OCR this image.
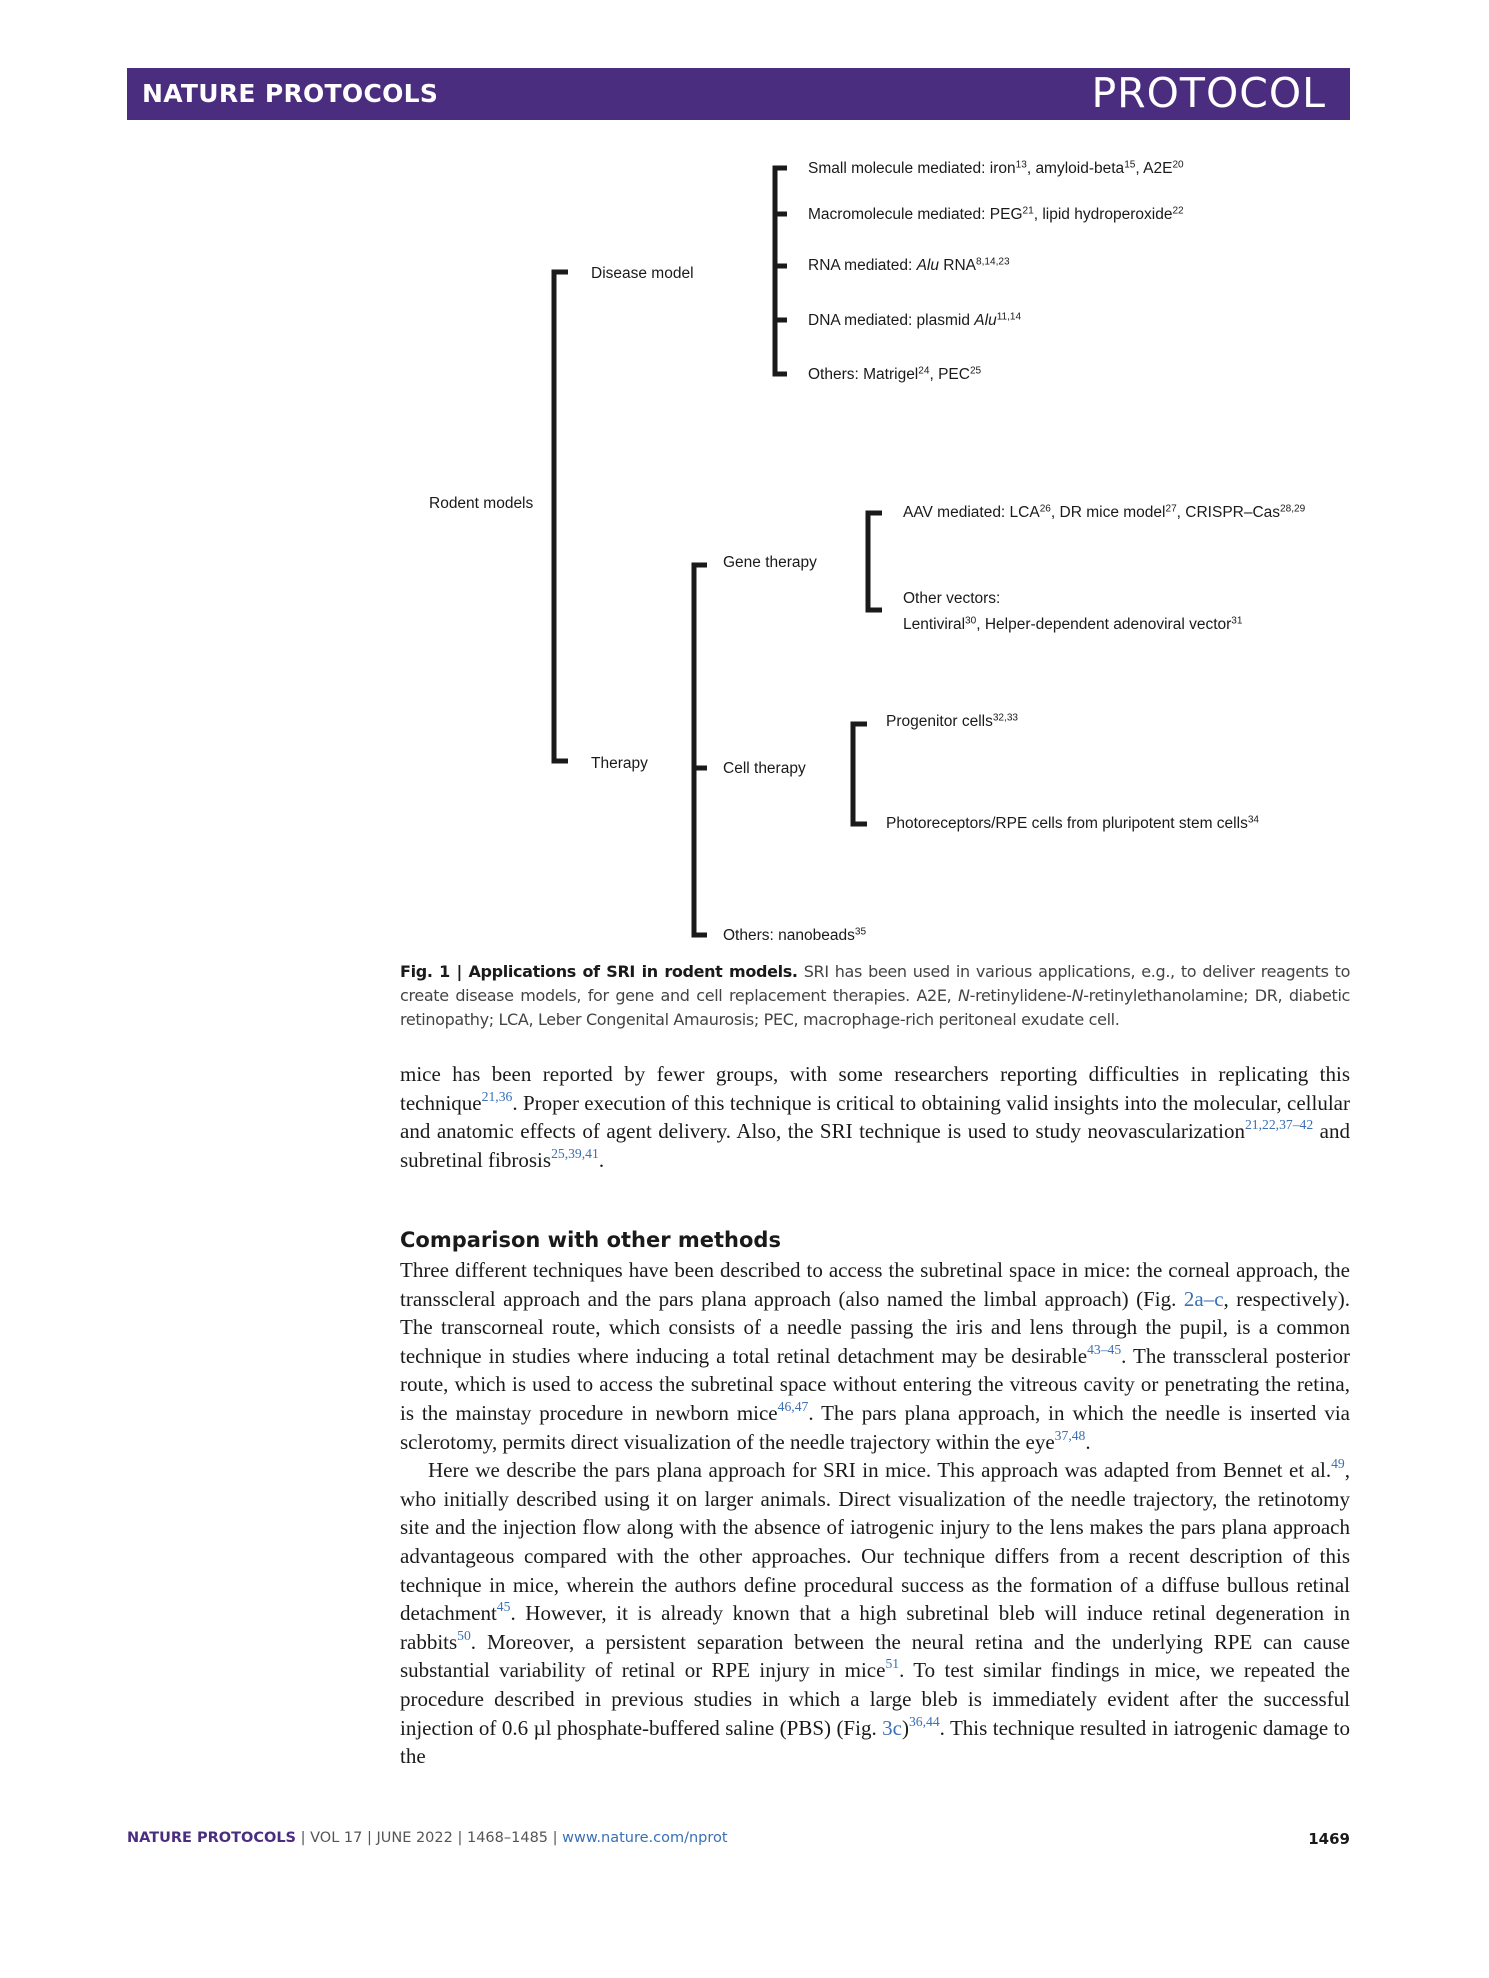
NATURE PROTOCOLS	PROTOCOL
Rodent models
Disease model
Therapy
Small molecule mediated: iron$^{13}$, amyloid-beta$^{15}$, $A2E^{20}$
Macromolecule mediated: PEG$^{21}$, lipid hydroperoxide$^{22}$
RNA mediated: Alu RNA$^{8,14,23}$
DNA mediated: plasmid Alu$^{11,14}$
Others: Matrigel$^{24}$, PEC$^{25}$
Gene therapy
Cell therapy
Others: nanobeads$^{35}$
AAV mediated: LCA$^{26}$, DR mice model$^{27}$, CRISPR–Cas$^{28,29}$
Other vectors:
Lentiviral$^{30}$, Helper-dependent adenoviral vector$^{31}$
Progenitor cells$^{32,33}$
Photoreceptors/RPE cells from pluripotent stem cells$^{34}$
Fig. 1 | Applications of SRI in rodent models. SRI has been used in various applications, e.g., to deliver reagents to create disease models, for gene and cell replacement therapies. A2E, N-retinylidene-N-retinylethanolamine; DR, diabetic retinopathy; LCA, Leber Congenital Amaurosis; PEC, macrophage-rich peritoneal exudate cell.

mice has been reported by fewer groups, with some researchers reporting difficulties in replicating this technique$^{21,36}$. Proper execution of this technique is critical to obtaining valid insights into the molecular, cellular and anatomic effects of agent delivery. Also, the SRI technique is used to study neovascularization$^{21,22,37-42}$ and subretinal fibrosis$^{25,39,41}$.

Comparison with other methods

Three different techniques have been described to access the subretinal space in mice: the corneal approach, the transscleral approach and the pars plana approach (also named the limbal approach) (Fig. 2a–c, respectively). The transcorneal route, which consists of a needle passing the iris and lens through the pupil, is a common technique in studies where inducing a total retinal detachment may be desirable$^{43-45}$. The transscleral posterior route, which is used to access the subretinal space without entering the vitreous cavity or penetrating the retina, is the mainstay procedure in newborn mice$^{46,47}$. The pars plana approach, in which the needle is inserted via sclerotomy, permits direct visualization of the needle trajectory within the eye$^{37,48}$.

Here we describe the pars plana approach for SRI in mice. This approach was adapted from Bennet et al.$^{49}$, who initially described using it on larger animals. Direct visualization of the needle trajectory, the retinotomy site and the injection flow along with the absence of iatrogenic injury to the lens makes the pars plana approach advantageous compared with the other approaches. Our technique differs from a recent description of this technique in mice, wherein the authors define procedural success as the formation of a diffuse bullous retinal detachment$^{45}$. However, it is already known that a high subretinal bleb will induce retinal degeneration in rabbits$^{50}$. Moreover, a persistent separation between the neural retina and the underlying RPE can cause substantial variability of retinal or RPE injury in mice$^{51}$. To test similar findings in mice, we repeated the procedure described in previous studies in which a large bleb is immediately evident after the successful injection of 0.6 µl phosphate-buffered saline (PBS) (Fig. 3c)$^{36,44}$. This technique resulted in iatrogenic damage to the

NATURE PROTOCOLS | VOL 17 | JUNE 2022 | 1468–1485 | www.nature.com/nprot	1469
